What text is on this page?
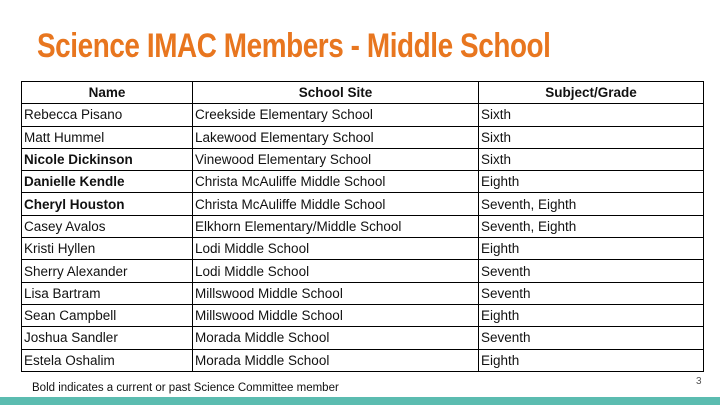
Science IMAC Members - Middle School
Name	School Site	Subject/Grade
Rebecca Pisano	Creekside Elementary School	Sixth
Matt Hummel	Lakewood Elementary School	Sixth
Nicole Dickinson	Vinewood Elementary School	Sixth
Danielle Kendle	Christa McAuliffe Middle School	Eighth
Cheryl Houston	Christa McAuliffe Middle School	Seventh, Eighth
Casey Avalos	Elkhorn Elementary/Middle School	Seventh, Eighth
Kristi Hyllen	Lodi Middle School	Eighth
Sherry Alexander	Lodi Middle School	Seventh
Lisa Bartram	Millswood Middle School	Seventh
Sean Campbell	Millswood Middle School	Eighth
Joshua Sandler	Morada Middle School	Seventh
Estela Oshalim	Morada Middle School	Eighth
Bold indicates a current or past Science Committee member
3
